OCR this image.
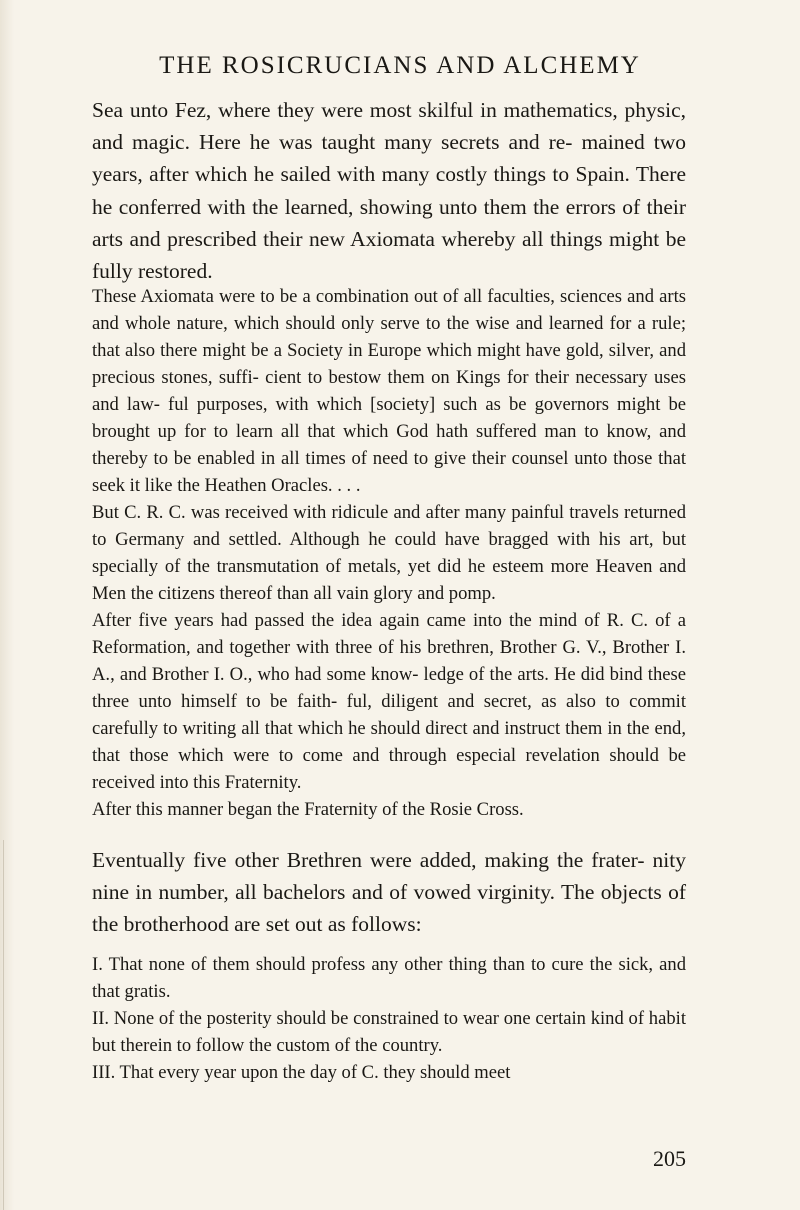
THE ROSICRUCIANS AND ALCHEMY

Sea unto Fez, where they were most skilful in mathematics, physic, and magic. Here he was taught many secrets and re- mained two years, after which he sailed with many costly things to Spain. There he conferred with the learned, showing unto them the errors of their arts and prescribed their new Axiomata whereby all things might be fully restored.

These Axiomata were to be a combination out of all faculties, sciences and arts and whole nature, which should only serve to the wise and learned for a rule; that also there might be a Society in Europe which might have gold, silver, and precious stones, suffi- cient to bestow them on Kings for their necessary uses and law- ful purposes, with which [society] such as be governors might be brought up for to learn all that which God hath suffered man to know, and thereby to be enabled in all times of need to give their counsel unto those that seek it like the Heathen Oracles. . . .

But C. R. C. was received with ridicule and after many painful travels returned to Germany and settled. Although he could have bragged with his art, but specially of the transmutation of metals, yet did he esteem more Heaven and Men the citizens thereof than all vain glory and pomp.

After five years had passed the idea again came into the mind of R. C. of a Reformation, and together with three of his brethren, Brother G. V., Brother I. A., and Brother I. O., who had some know- ledge of the arts. He did bind these three unto himself to be faith- ful, diligent and secret, as also to commit carefully to writing all that which he should direct and instruct them in the end, that those which were to come and through especial revelation should be received into this Fraternity.

After this manner began the Fraternity of the Rosie Cross.

Eventually five other Brethren were added, making the frater- nity nine in number, all bachelors and of vowed virginity. The objects of the brotherhood are set out as follows:

I. That none of them should profess any other thing than to cure the sick, and that gratis.

II. None of the posterity should be constrained to wear one certain kind of habit but therein to follow the custom of the country.

III. That every year upon the day of C. they should meet

205
